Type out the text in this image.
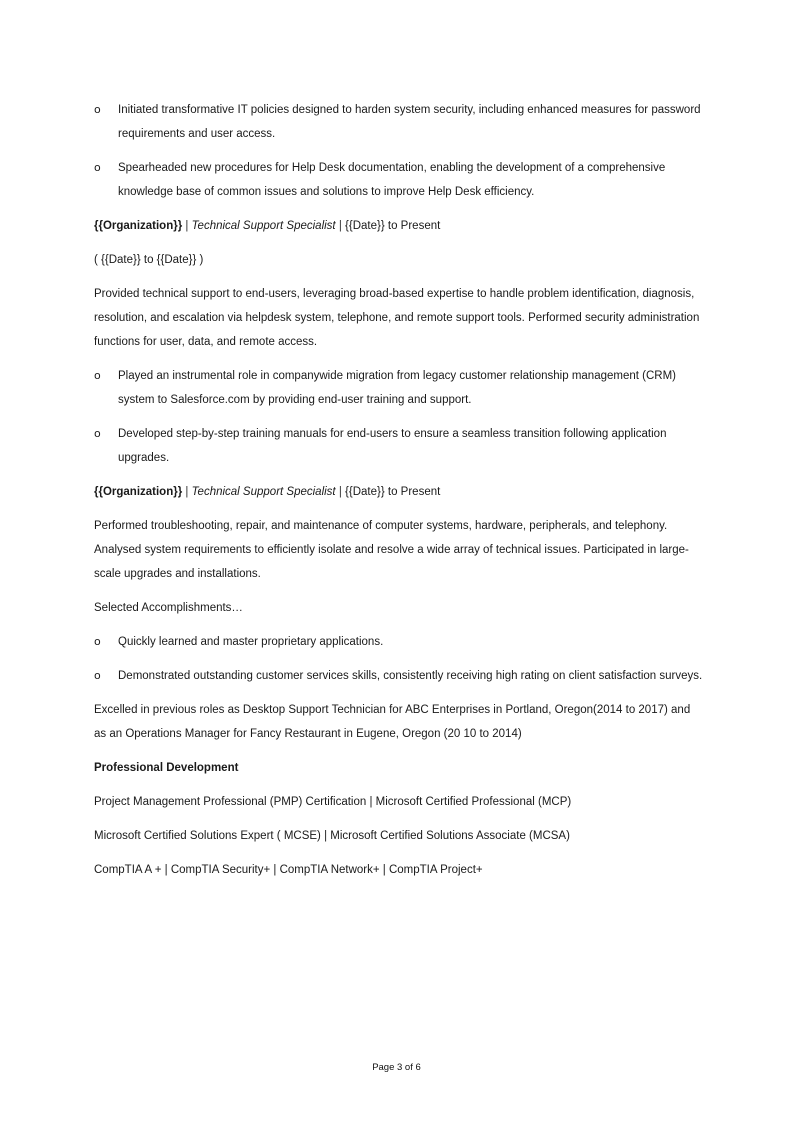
o Initiated transformative IT policies designed to harden system security, including enhanced measures for password requirements and user access.
o Spearheaded new procedures for Help Desk documentation, enabling the development of a comprehensive knowledge base of common issues and solutions to improve Help Desk efficiency.

{{Organization}} | Technical Support Specialist | {{Date}} to Present

( {{Date}} to {{Date}} )

Provided technical support to end-users, leveraging broad-based expertise to handle problem identification, diagnosis, resolution, and escalation via helpdesk system, telephone, and remote support tools. Performed security administration functions for user, data, and remote access.

o Played an instrumental role in companywide migration from legacy customer relationship management (CRM) system to Salesforce.com by providing end-user training and support.
o Developed step-by-step training manuals for end-users to ensure a seamless transition following application upgrades.

{{Organization}} | Technical Support Specialist | {{Date}} to Present

Performed troubleshooting, repair, and maintenance of computer systems, hardware, peripherals, and telephony. Analysed system requirements to efficiently isolate and resolve a wide array of technical issues. Participated in large-scale upgrades and installations.

Selected Accomplishments…

o Quickly learned and master proprietary applications.
o Demonstrated outstanding customer services skills, consistently receiving high rating on client satisfaction surveys.

Excelled in previous roles as Desktop Support Technician for ABC Enterprises in Portland, Oregon(2014 to 2017) and as an Operations Manager for Fancy Restaurant in Eugene, Oregon (20 10 to 2014)

Professional Development

Project Management Professional (PMP) Certification | Microsoft Certified Professional (MCP)

Microsoft Certified Solutions Expert ( MCSE) | Microsoft Certified Solutions Associate (MCSA)

CompTIA A + | CompTIA Security+ | CompTIA Network+ | CompTIA Project+

Page 3 of 6
